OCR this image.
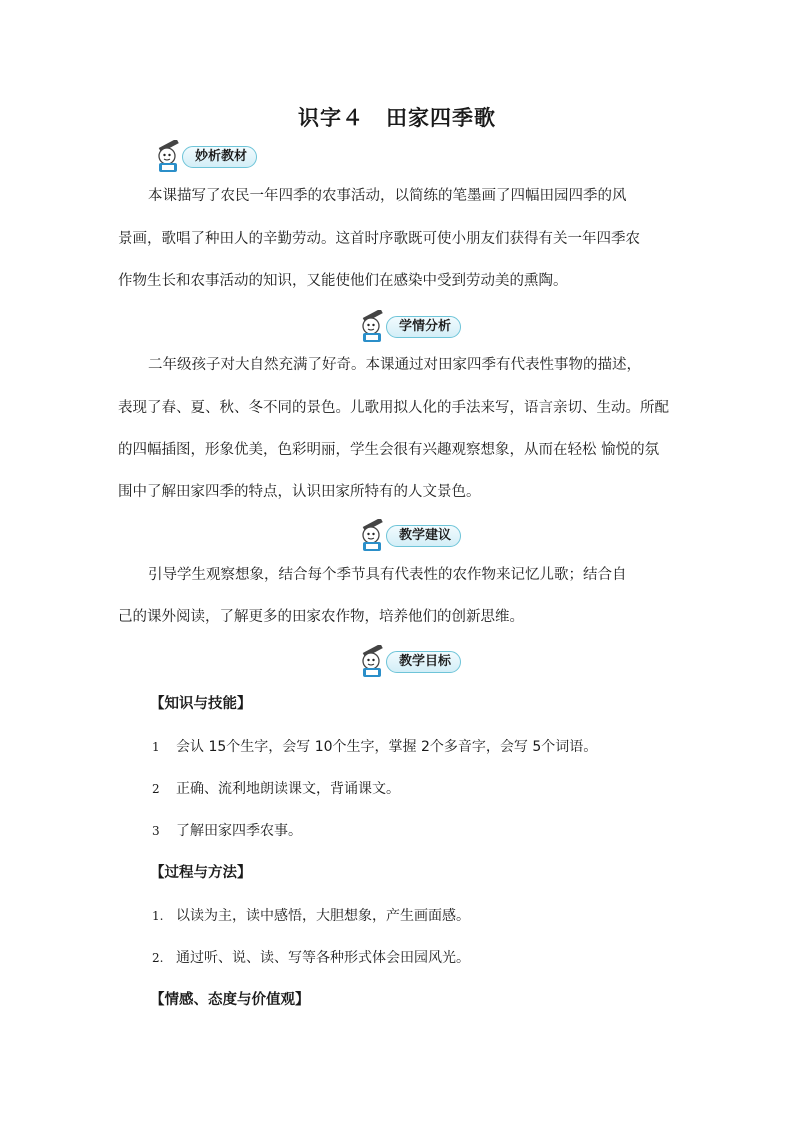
识字４　田家四季歌
妙析教材
本课描写了农民一年四季的农事活动，以简练的笔墨画了四幅田园四季的风
景画，歌唱了种田人的辛勤劳动。这首时序歌既可使小朋友们获得有关一年四季农
作物生长和农事活动的知识，又能使他们在感染中受到劳动美的熏陶。
学情分析
二年级孩子对大自然充满了好奇。本课通过对田家四季有代表性事物的描述，
表现了春、夏、秋、冬不同的景色。儿歌用拟人化的手法来写，语言亲切、生动。所配
的四幅插图，形象优美，色彩明丽，学生会很有兴趣观察想象，从而在轻松 愉悦的氛
围中了解田家四季的特点，认识田家所特有的人文景色。
教学建议
引导学生观察想象，结合每个季节具有代表性的农作物来记忆儿歌；结合自
己的课外阅读，了解更多的田家农作物，培养他们的创新思维。
教学目标
【知识与技能】
1 会认 15个生字，会写 10个生字，掌握 2个多音字，会写 5个词语。
2 正确、流利地朗读课文，背诵课文。
3 了解田家四季农事。
【过程与方法】
1. 以读为主，读中感悟，大胆想象，产生画面感。
2. 通过听、说、读、写等各种形式体会田园风光。
【情感、态度与价值观】
